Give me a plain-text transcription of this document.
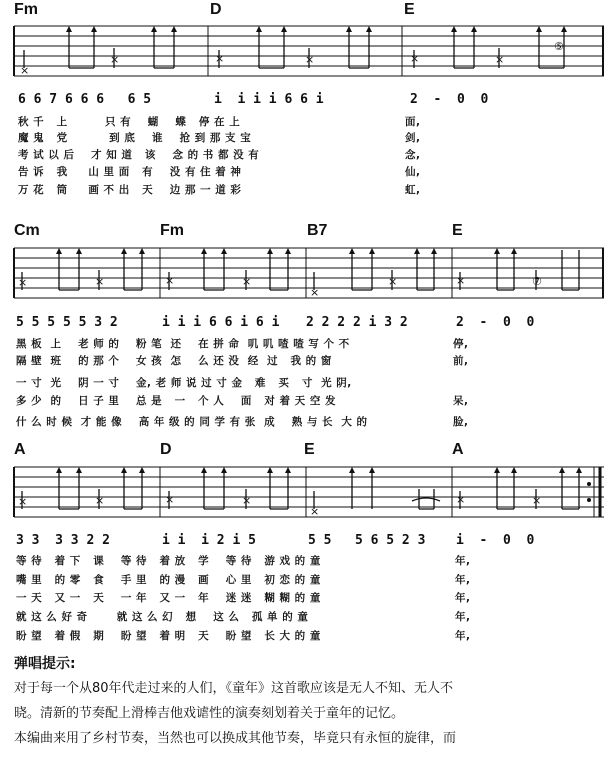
Fm	D	E
×
×	×	×	×	×
⑤
6 6 7 6 6 6   6 5	i  i i i 6 6 i	2  -  0  0
秋 千   上         只 有    蝴    蝶   停 在 上	面,
魔 鬼   党          到 底    谁    抢 到 那 支 宝	剑,
考 试 以 后    才 知 道   该    念 的 书 都 没 有	念,
告 诉   我     山 里 面   有    没 有 住 着 神	仙,
万 花   筒     画 不 出   天    边 那 一 道 彩	虹,
Cm	Fm	B7	E
×	×	×	×
×
×	×	⑦
5 5 5 5 5 3 2	i i i 6 6 i 6 i 2 2 2 2 i 3 2	2  -  0  0
黑 板  上    老 师 的    粉 笔  还    在 拼 命  叽 叽 喳 喳 写 个 不	停,
隔 壁  班    的 那 个    女 孩  怎    么 还 没  经  过   我 的 窗	前,
一 寸  光    阴 一 寸    金, 老 师 说 过 寸 金   难   买   寸  光 阴,
多 少  的    日 子 里    总 是   一   个 人    面   对 着 天 空 发	呆,
什 么 时 候  才 能 像    高 年 级 的 同 学 有 张  成    熟 与 长  大 的	脸,
A	D	E	A
×	×	×	×
×
×	×
3 3  3 3 2 2	i i  i 2 i 5	5 5   5 6 5 2 3 i  -  0  0
等 待   着 下   课    等 待   着 放   学    等 待   游 戏 的 童	年,
嘴 里   的 零   食    手 里   的 漫   画    心 里   初 恋 的 童	年,
一 天   又 一   天    一 年   又 一   年    迷 迷   糊 糊 的 童	年,
就 这 么 好 奇       就 这 么 幻   想    这 么   孤 单 的 童	年,
盼 望   着 假   期    盼 望   着 明   天    盼 望   长 大 的 童	年,
弹唱提示:
对于每一个从80年代走过来的人们，《童年》这首歌应该是无人不知、无人不
晓。清新的节奏配上滑棒吉他戏谑性的演奏刻划着关于童年的记忆。
本编曲来用了乡村节奏，当然也可以换成其他节奏，毕竟只有永恒的旋律，而
